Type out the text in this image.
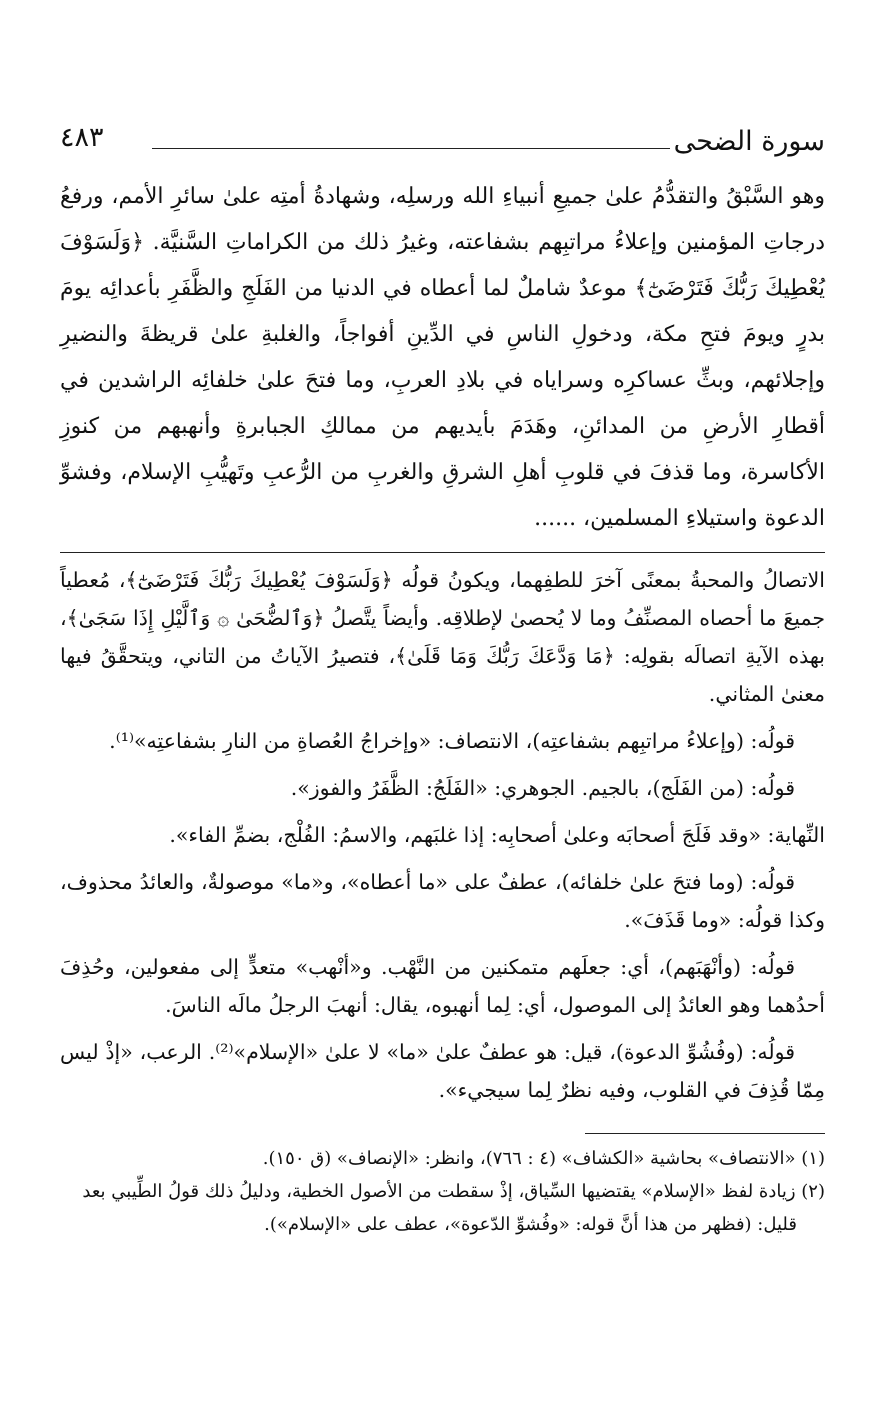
سورة الضحى
٤٨٣
وهو السَّبْقُ والتقدُّمُ علىٰ جميعِ أنبياءِ الله ورسلِه، وشهادةُ أمتِه علىٰ سائرِ الأمم، ورفعُ درجاتِ المؤمنين وإعلاءُ مراتبِهم بشفاعته، وغيرُ ذلك من الكراماتِ السَّنيَّة. ﴿وَلَسَوْفَ يُعْطِيكَ رَبُّكَ فَتَرْضَىٰٓ﴾ موعدٌ شاملٌ لما أعطاه في الدنيا من الفَلَجِ والظَّفَرِ بأعدائِه يومَ بدرٍ ويومَ فتحِ مكة، ودخولِ الناسِ في الدِّينِ أفواجاً، والغلبةِ علىٰ قريظةَ والنضيرِ وإجلائهم، وبثِّ عساكرِه وسراياه في بلادِ العربِ، وما فتحَ علىٰ خلفائِه الراشدين في أقطارِ الأرضِ من المدائنِ، وهَدَمَ بأيديهم من ممالكِ الجبابرةِ وأنهبهم من كنوزِ الأكاسرة، وما قذفَ في قلوبِ أهلِ الشرقِ والغربِ من الرُّعبِ وتَهيُّبِ الإسلام، وفشوِّ الدعوة واستيلاءِ المسلمين، ......

الاتصالُ والمحبةُ بمعنًى آخرَ للطفِهما، ويكونُ قولُه ﴿وَلَسَوْفَ يُعْطِيكَ رَبُّكَ فَتَرْضَىٰٓ﴾، مُعطياً جميعَ ما أحصاه المصنِّفُ وما لا يُحصىٰ لإطلاقِه. وأيضاً يتَّصلُ ﴿وَٱلضُّحَىٰ ۞ وَٱلَّيْلِ إِذَا سَجَىٰ﴾، بهذه الآيةِ اتصالَه بقولِه: ﴿مَا وَدَّعَكَ رَبُّكَ وَمَا قَلَىٰ﴾، فتصيرُ الآياتُ من التاني، ويتحقَّقُ فيها معنىٰ المثاني.

قولُه: (وإعلاءُ مراتبِهم بشفاعتِه)، الانتصاف: «وإخراجُ العُصاةِ من النارِ بشفاعتِه»⁽¹⁾.

قولُه: (من الفَلَج)، بالجيم. الجوهري: «الفَلَجُ: الظَّفَرُ والفوز».

النِّهاية: «وقد فَلَجَ أصحابَه وعلىٰ أصحابِه: إذا غلبَهم، والاسمُ: الفُلْج، بضمِّ الفاء».

قولُه: (وما فتحَ علىٰ خلفائه)، عطفٌ على «ما أعطاه»، و«ما» موصولةٌ، والعائدُ محذوف، وكذا قولُه: «وما قَذَفَ».

قولُه: (وأنْهَبَهم)، أي: جعلَهم متمكنين من النَّهْب. و«أنْهب» متعدٍّ إلى مفعولين، وحُذِفَ أحدُهما وهو العائدُ إلى الموصول، أي: لِما أنهبوه، يقال: أنهبَ الرجلُ مالَه الناسَ.

قولُه: (وفُشُوِّ الدعوة)، قيل: هو عطفٌ علىٰ «ما» لا علىٰ «الإسلام»⁽²⁾. الرعب، «إذْ ليس مِمّا قُذِفَ في القلوب، وفيه نظرٌ لِما سيجيء».

(١) «الانتصاف» بحاشية «الكشاف» (٤ : ٧٦٦)، وانظر: «الإنصاف» (ق ١٥٠).

(٢) زيادة لفظ «الإسلام» يقتضيها السِّياق، إذْ سقطت من الأصول الخطية، ودليلُ ذلك قولُ الطِّيبي بعد

قليل: (فظهر من هذا أنَّ قوله: «وفُشوِّ الدّعوة»، عطف على «الإسلام»).
